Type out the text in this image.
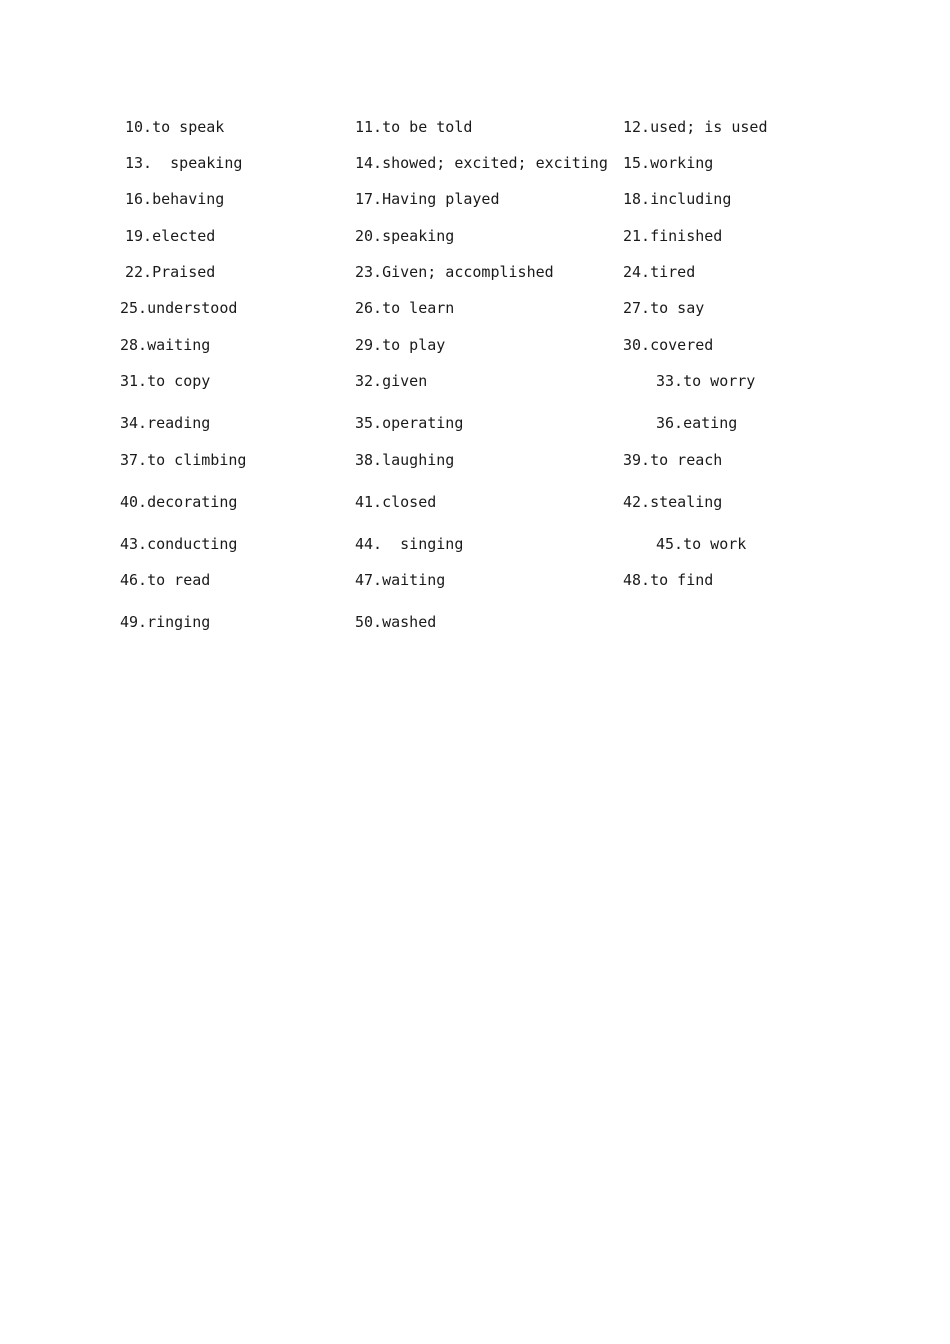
10.to speak	11.to be told	12.used; is used
13.  speaking	14.showed; excited; exciting 15.working
16.behaving	17.Having played	18.including
19.elected	20.speaking	21.finished
22.Praised	23.Given; accomplished	24.tired
25.understood	26.to learn	27.to say
28.waiting	29.to play	30.covered
31.to copy	32.given	33.to worry
34.reading	35.operating	36.eating
37.to climbing	38.laughing	39.to reach
40.decorating	41.closed	42.stealing
43.conducting	44.  singing	45.to work
46.to read	47.waiting	48.to find
49.ringing	50.washed
